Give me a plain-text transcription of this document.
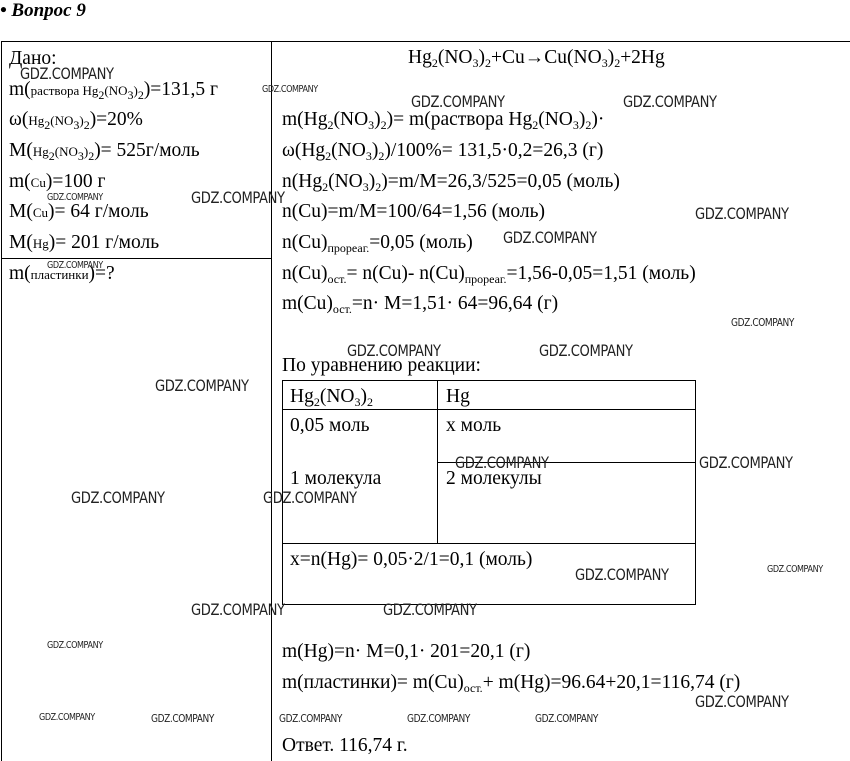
• Вопрос 9
Дано:
m(раствора $Hg_2(NO_3)_2)=131,5$ г
$\omega(Hg_2(NO_3)_2)=20\%$
$M(Hg_2(NO_3)_2)=$ 525г/моль
m(Cu)=100 г
M(Cu)= 64 г/моль
M(Hg)= 201 г/моль
m(пластинки)=?
$Hg_2(NO_3)_2+Cu\to Cu(NO_3)_2+2Hg$
$m(Hg_2(NO_3)_2)=$ m(раствора $Hg_2(NO_3)_2)\cdot$
$\omega(Hg_2(NO_3)_2)/100\%= 131,5\cdot 0,2=26,3$ (г)
$n(Hg_2(NO_3)_2)=m/M=26,3/525=0,05$ (моль)
n(Cu)=m/M=100/64=1,56 (моль)
$n(Cu)_{прореаг.}=0,05$ (моль)
$n(Cu)_{ост.}= n(Cu)-$ $n(Cu)_{прореаг.}=1,56-0,05=1,51$ (моль)
$m(Cu)_{ост.}=n\cdot M=1,51\cdot 64=96,64$ (г)
По уравнению реакции:
$Hg_2(NO_3)_2$	Hg
0,05 моль	x моль
1 молекула	2 молекулы
x=n(Hg)= 0,05·2/1=0,1 (моль)
m(Hg)=n· M=0,1· 201=20,1 (г)
m(пластинки)= $m(Cu)_{ост.}+ m(Hg)=96.64+20,1=116,74$ (г)
Ответ. 116,74 г.
GDZ.COMPANY
GDZ.COMPANY
GDZ.COMPANY	GDZ.COMPANY
GDZ.COMPANY
GDZ.COMPANY
GDZ.COMPANY
GDZ.COMPANY
GDZ.COMPANY
GDZ.COMPANY
GDZ.COMPANY	GDZ.COMPANY
GDZ.COMPANY
GDZ.COMPANY	GDZ.COMPANY
GDZ.COMPANY	GDZ.COMPANY
GDZ.COMPANY
GDZ.COMPANY
GDZ.COMPANY	GDZ.COMPANY
GDZ.COMPANY
GDZ.COMPANY
GDZ.COMPANY	GDZ.COMPANY	GDZ.COMPANY	GDZ.COMPANY	GDZ.COMPANY
